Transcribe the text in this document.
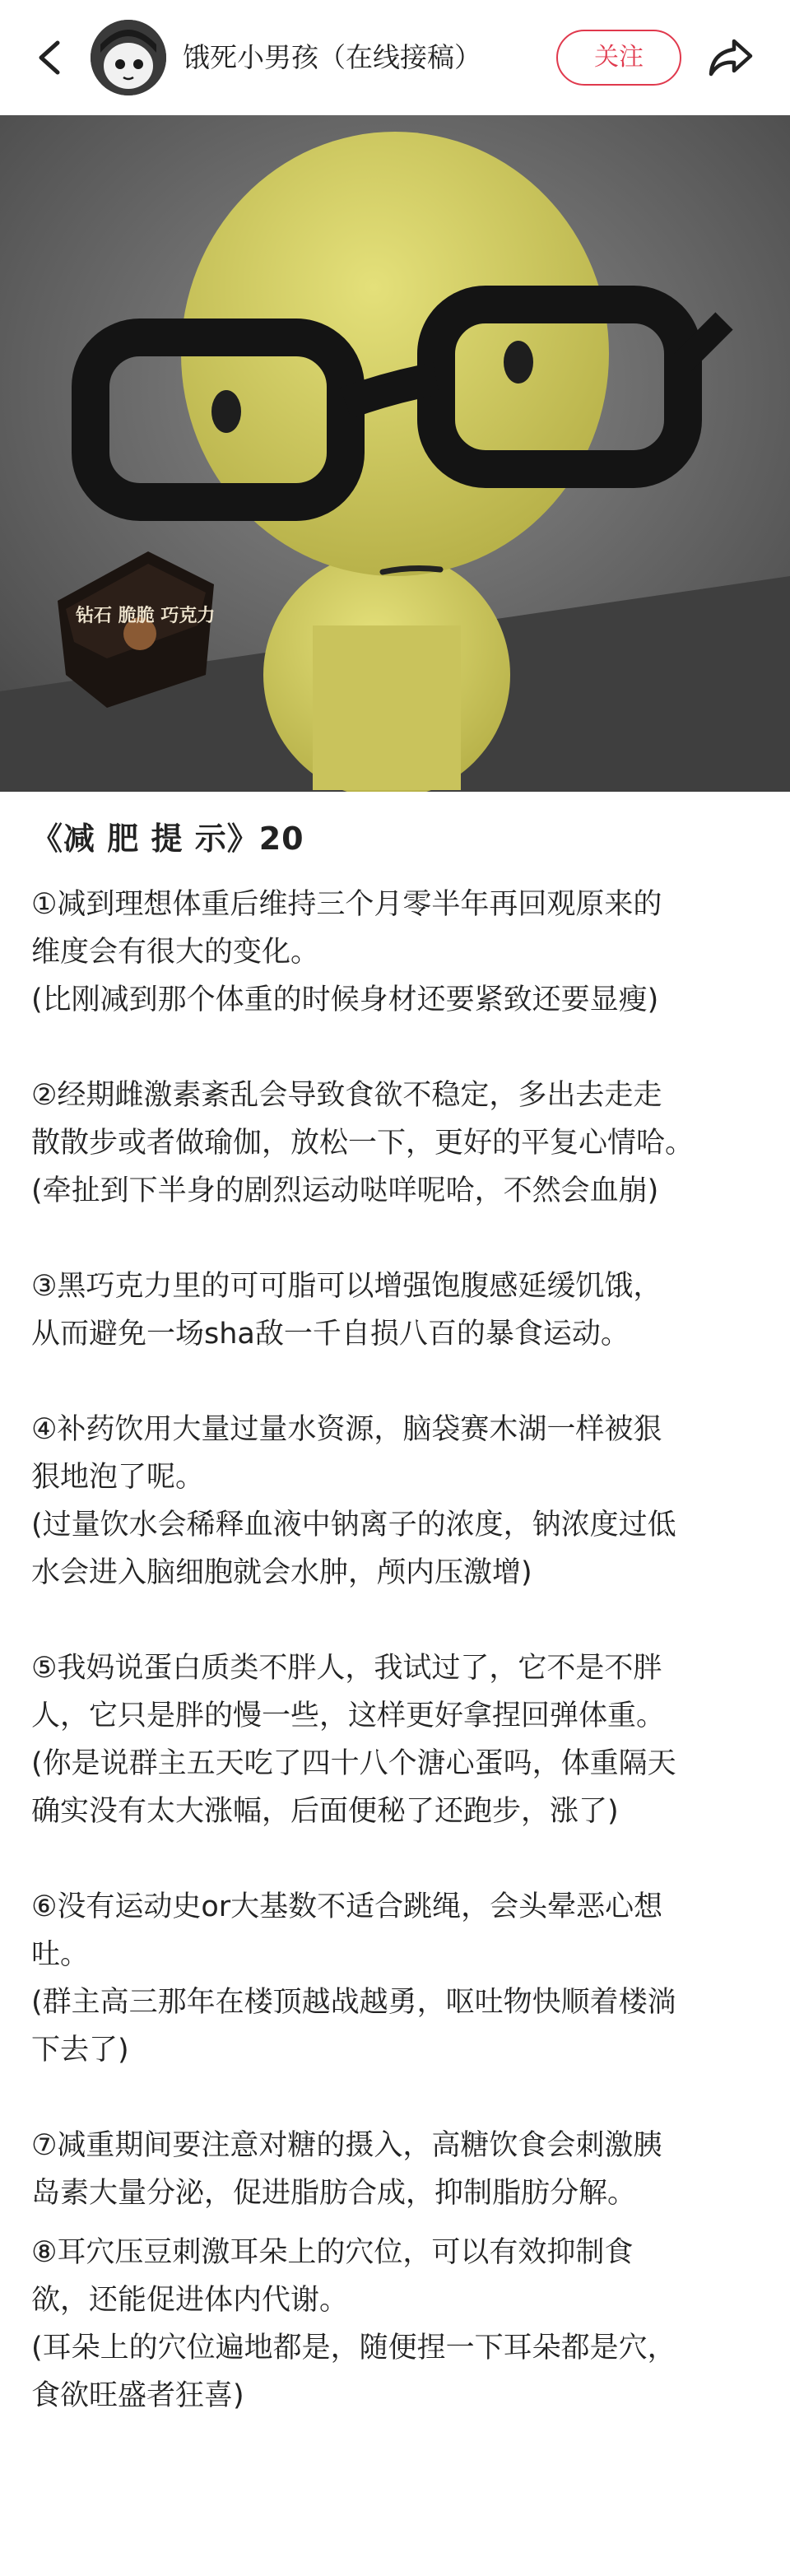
饿死小男孩（在线接稿）	关注
钻石 脆脆 巧克力

《减 肥 提 示》20

①减到理想体重后维持三个月零半年再回观原来的

维度会有很大的变化。

(比刚减到那个体重的时候身材还要紧致还要显瘦)

②经期雌激素紊乱会导致食欲不稳定，多出去走走

散散步或者做瑜伽，放松一下，更好的平复心情哈。

(牵扯到下半身的剧烈运动哒咩呢哈，不然会血崩)

③黑巧克力里的可可脂可以增强饱腹感延缓饥饿，

从而避免一场sha敌一千自损八百的暴食运动。

④补药饮用大量过量水资源，脑袋赛木湖一样被狠

狠地泡了呢。

(过量饮水会稀释血液中钠离子的浓度，钠浓度过低

水会进入脑细胞就会水肿，颅内压激增)

⑤我妈说蛋白质类不胖人，我试过了，它不是不胖

人，它只是胖的慢一些，这样更好拿捏回弹体重。

(你是说群主五天吃了四十八个溏心蛋吗，体重隔天

确实没有太大涨幅，后面便秘了还跑步，涨了)

⑥没有运动史or大基数不适合跳绳，会头晕恶心想

吐。

(群主高三那年在楼顶越战越勇，呕吐物快顺着楼淌

下去了)

⑦减重期间要注意对糖的摄入，高糖饮食会刺激胰

岛素大量分泌，促进脂肪合成，抑制脂肪分解。

⑧耳穴压豆刺激耳朵上的穴位，可以有效抑制食

欲，还能促进体内代谢。

(耳朵上的穴位遍地都是，随便捏一下耳朵都是穴，

食欲旺盛者狂喜)
